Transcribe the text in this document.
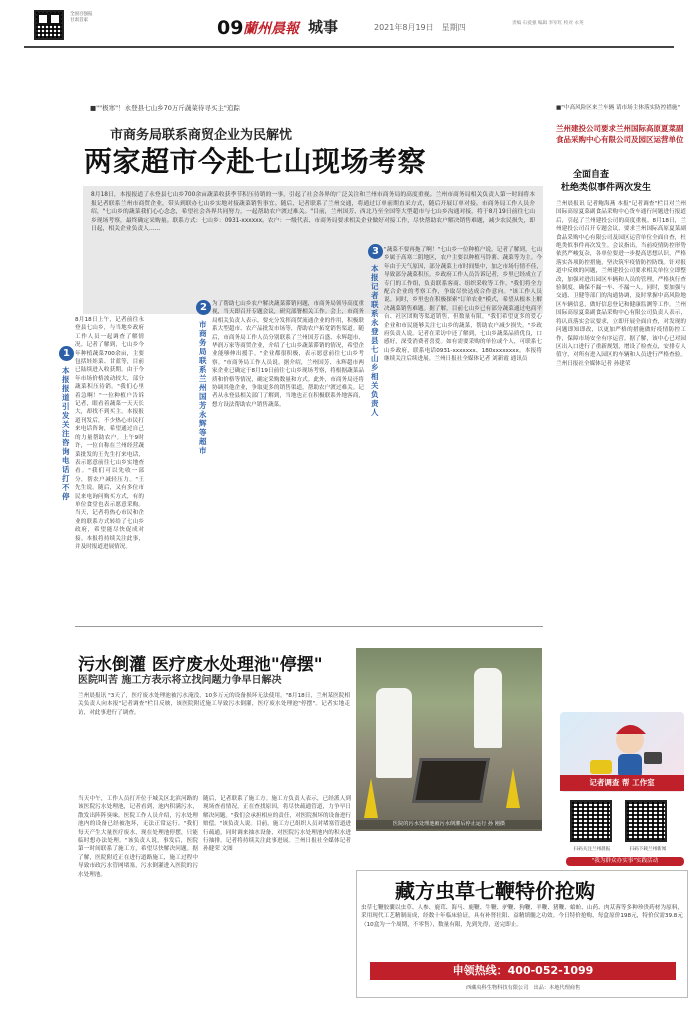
全国百强报
甘肃首家	09 蘭州晨報 城事	2021年8月19日　星期四	责编 石爱强 编辑 李军红 校对 永英
■""极寒"！永登县七山乡70万斤蔬菜待寻买主"追踪
市商务局联系商贸企业为民解忧
两家超市今赴七山现场考察
8月18日，本报报道了永登县七山乡700余亩蔬菜收获季节积压待销的一事，引起了社会各界的广泛关注和兰州市商务局的高度重视。兰州市商务局相关负责人第一时间将本报记者联系兰州市商贸企业，带头到联办七山乡实地对接蔬菜销售事宜。随后，记者联系了兰州交通，将通过订单前期直采方式，随后开展订单对接。市商务局工作人员介绍，"七山乡的蔬菜我们心心念念，希望社会各界共同努力，一起帮助农户渡过难关。"目前，兰州国芳、西北乃至全国等大型超市与七山乡沟通对接，将于8月19日前往七山乡现场考察，最终确定采购量。联系方式：七山乡：0931-xxxxxx。农户：一级代表、市商务局要求相关企业做好对接工作，尽快帮助农户解决销售难题，减少农民损失，即日起，相关企业负责人……
1
本报报道引发关注 咨询电话打不停
8月18日上午，记者前往永登县七山乡，与当地乡政府工作人员一起调查了解情况。记者了解到，七山乡今年种植蔬菜700余亩，主要包括娃娃菜、甘蓝等，目前已陆续进入收获期。由于今年市场价格波动较大，部分蔬菜积压待销。"我们心里着急啊！"一位种植户告诉记者，眼看着蔬菜一天天长大，却找不到买主。本报报道刊发后，不少热心市民打来电话咨询，希望通过自己的力量帮助农户。上午9时许，一位自称在兰州经营蔬菜批发的王先生打来电话，表示愿意前往七山乡实地查看。"我们可以先收一部分，帮农户减轻压力。"王先生说。随后，又有多位市民来电询问购买方式，有的单位食堂也表示愿意采购。当天，记者将热心市民和企业的联系方式转给了七山乡政府，希望能尽快促成对接。本报将持续关注此事，并及时报道进展情况。
2
市商务局联系兰州国芳 永辉等超市
为了帮助七山乡农户解决蔬菜滞销问题，市商务局领导高度重视，当天即召开专题会议，研究部署相关工作。会上，市商务局相关负责人表示，要充分发挥商贸流通企业的作用，积极联系大型超市、农产品批发市场等，帮助农户拓宽销售渠道。随后，市商务局工作人员分别联系了兰州国芳百盛、永辉超市、华润万家等商贸企业，介绍了七山乡蔬菜滞销的情况，希望企业能够伸出援手。"企业都很积极，表示愿意前往七山乡考察。"市商务局工作人员说。据介绍，兰州国芳、永辉超市两家企业已确定于8月19日前往七山乡现场考察，将根据蔬菜品质和价格等情况，确定采购数量和方式。此外，市商务局还将协调其他企业，争取更多的销售渠道，帮助农户渡过难关。记者从永登县相关部门了解到，当地也正在积极联系外地客商，想方设法帮助农户销售蔬菜。
3
本报记者联系永登县七山乡相关负责人
"蔬菜不要再拖了啊！"七山乡一位种植户说。记者了解到，七山乡属于高寒二阴地区，农户主要以种植马铃薯、蔬菜等为主。今年由于天气原因，部分蔬菜上市时间集中，加之市场行情不佳，导致部分蔬菜积压。乡政府工作人员告诉记者，乡里已经成立了专门的工作组，负责联系客商、组织采收等工作。"我们将全力配合企业的考察工作，争取尽快达成合作意向。"该工作人员说。同时，乡里也在积极探索"订单农业"模式，希望从根本上解决蔬菜销售难题。据了解，目前七山乡已有部分蔬菜通过电商平台、社区团购等渠道销售，但数量有限。"我们希望更多的爱心企业和市民能够关注七山乡的蔬菜，帮助农户减少损失。"乡政府负责人说。记者在采访中还了解到，七山乡蔬菜品质优良，口感好，深受消费者喜爱。如有需要采购的单位或个人，可联系七山乡政府，联系电话0931-xxxxxxx、180xxxxxxxx。本报将继续关注后续进展。兰州日报社全媒体记者 刘新霞 通讯员
■"中高风险区来兰车辆 请市场主体落实防控措施"
兰州建投公司要求兰州国际高原夏菜副食品采购中心有限公司及园区运营单位
全面自查
杜绝类似事件两次发生
兰州晨报讯 记者鲍海燕 本报"记者调查"栏目对兰州国际高原夏菜副食品采购中心货车通行问题进行报道后，引起了兰州建投公司的高度重视。8月18日，兰州建投公司召开专题会议，要求兰州国际高原夏菜副食品采购中心有限公司及园区运营单位全面自查，杜绝类似事件再次发生。会议指出，当前疫情防控形势依然严峻复杂，各单位要进一步提高思想认识，严格落实各项防控措施，坚决筑牢疫情防控防线。针对报道中反映的问题，兰州建投公司要求相关单位立即整改，加强对进出园区车辆和人员的管理，严格执行查验制度，确保不漏一车、不漏一人。同时，要加强与交通、卫健等部门的沟通协调，及时掌握中高风险地区车辆信息，做好信息登记和健康监测等工作。兰州国际高原夏菜副食品采购中心有限公司负责人表示，将认真落实会议要求，立即开展全面自查，对发现的问题即知即改，以更加严格的措施做好疫情防控工作，保障市场安全有序运营。据了解，该中心已对园区出入口进行了重新规划，增设了检查点，安排专人值守，对所有进入园区的车辆和人员进行严格查验。兰州日报社全媒体记者 孙建荣
污水倒灌 医疗废水处理池"停摆"
医院叫苦 施工方表示将立找问题力争早日解决
兰州晨报讯 "3天了，医疗废水处理池被污水淹没，10多万元的设备损坏无法使用。"8月18日，兰州某医院相关负责人向本报"记者调查"栏目反映，该医院附近施工导致污水倒灌，医疗废水处理池"停摆"。记者实地走访，对此事进行了调查。
当天中午，工作人员打开位于城关区北滨河路的该医院污水处理池，记者看到，池内积满污水，散发出阵阵臭味。医院工作人员介绍，污水处理池内的设备已经被泡坏，无法正常运行。"我们每天产生大量医疗废水，现在处理池停摆，只能临时想办法处理。"该负责人说，事发后，医院第一时间联系了施工方，希望尽快解决问题。据了解，医院附近正在进行道路施工，施工过程中导致市政污水管网堵塞，污水倒灌进入医院的污水处理池。
随后，记者联系了施工方。施工方负责人表示，已经派人到现场查看情况，正在查找原因，将尽快疏通管道，力争早日解决问题。"我们会承担相应的责任，对医院损坏的设备进行赔偿。"该负责人说。目前，施工方已组织人员对堵塞管道进行疏通，同时调来抽水设备，对医院污水处理池内的积水进行抽排。记者将持续关注此事进展。兰州日报社全媒体记者 孙健荣 文图
医院的污水处理池被污水倒灌后停止运行 孙 刚摄
记者调查 帮 工作室
扫码关注兰州晨报	扫码下载兰州新闻
"我为群众办实事"实践活动
藏方虫草七鞭特价抢购
虫草七鞭胶囊以虫草、人参、鹿茸、海马、鹿鞭、牛鞭、驴鞭、狗鞭、羊鞭、猪鞭、蛤蚧、山药、肉苁蓉等多种珍贵药材为原料，采用现代工艺精制而成，经数十年临床验证，具有补肾壮阳、益精填髓之功效。今日特价抢购，每盒原价198元，特价仅需39.8元（10盒为一个周期，不零售），数量有限，先到先得，送完即止。
申领热线：400-052-1099
西藏央科生物科技有限公司　出品：本地代理商售
